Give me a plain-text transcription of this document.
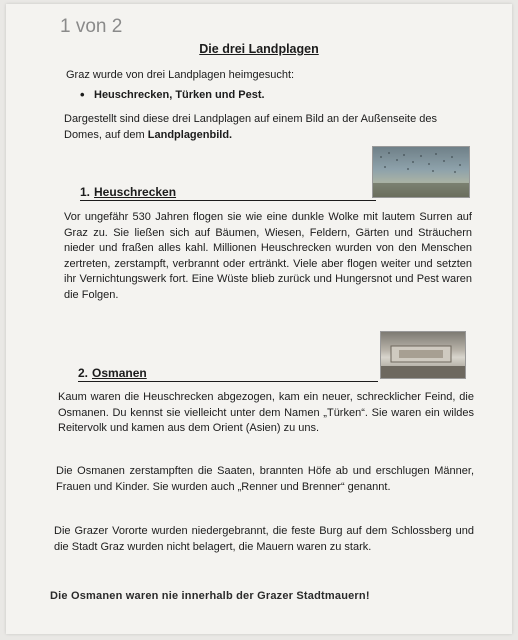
1 von 2
Die drei Landplagen
Graz wurde von drei Landplagen heimgesucht:
• Heuschrecken, Türken und Pest.
Dargestellt sind diese drei Landplagen auf einem Bild an der Außenseite des Domes, auf dem Landplagenbild.
1. Heuschrecken
Vor ungefähr 530 Jahren flogen sie wie eine dunkle Wolke mit lautem Surren auf Graz zu. Sie ließen sich auf Bäumen, Wiesen, Feldern, Gärten und Sträuchern nieder und fraßen alles kahl. Millionen Heuschrecken wurden von den Menschen zertreten, zerstampft, verbrannt oder ertränkt. Viele aber flogen weiter und setzten ihr Vernichtungswerk fort. Eine Wüste blieb zurück und Hungersnot und Pest waren die Folgen.
2. Osmanen
Kaum waren die Heuschrecken abgezogen, kam ein neuer, schrecklicher Feind, die Osmanen. Du kennst sie vielleicht unter dem Namen „Türken“. Sie waren ein wildes Reitervolk und kamen aus dem Orient (Asien) zu uns.
Die Osmanen zerstampften die Saaten, brannten Höfe ab und erschlugen Männer, Frauen und Kinder. Sie wurden auch „Renner und Brenner“ genannt.
Die Grazer Vororte wurden niedergebrannt, die feste Burg auf dem Schlossberg und die Stadt Graz wurden nicht belagert, die Mauern waren zu stark.
Die Osmanen waren nie innerhalb der Grazer Stadtmauern!
